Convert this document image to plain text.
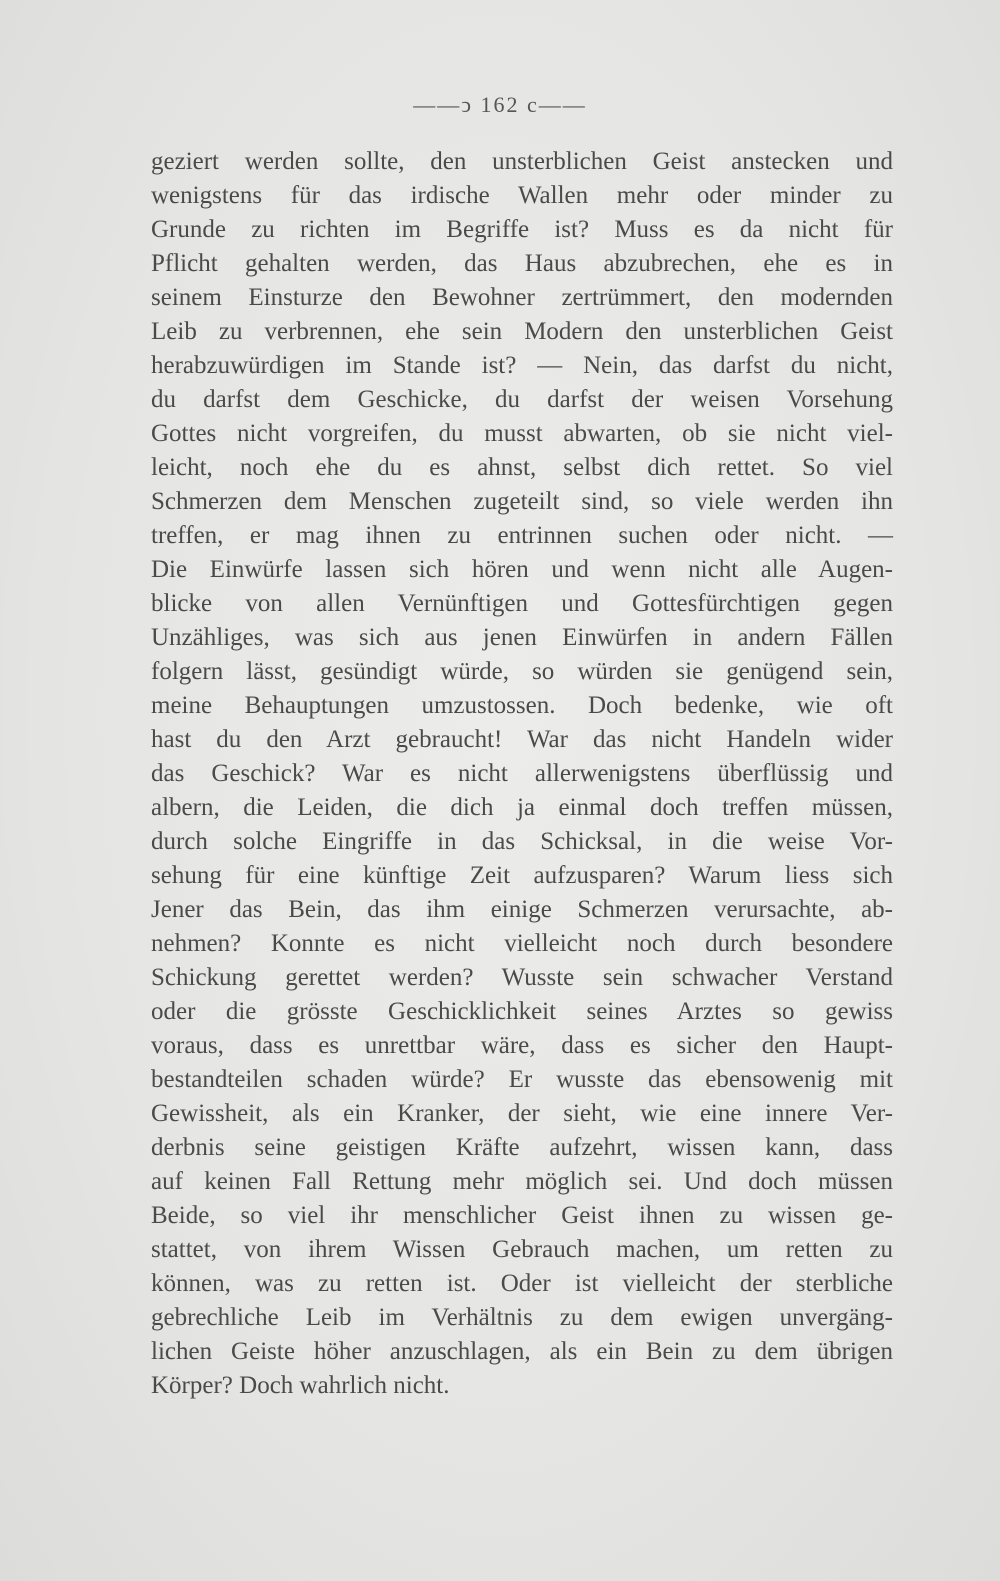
——ↄ 162 c——
geziert werden sollte, den unsterblichen Geist anstecken und
wenigstens für das irdische Wallen mehr oder minder zu
Grunde zu richten im Begriffe ist? Muss es da nicht für
Pflicht gehalten werden, das Haus abzubrechen, ehe es in
seinem Einsturze den Bewohner zertrümmert, den modernden
Leib zu verbrennen, ehe sein Modern den unsterblichen Geist
herabzuwürdigen im Stande ist? — Nein, das darfst du nicht,
du darfst dem Geschicke, du darfst der weisen Vorsehung
Gottes nicht vorgreifen, du musst abwarten, ob sie nicht viel-
leicht, noch ehe du es ahnst, selbst dich rettet. So viel
Schmerzen dem Menschen zugeteilt sind, so viele werden ihn
treffen, er mag ihnen zu entrinnen suchen oder nicht. —
Die Einwürfe lassen sich hören und wenn nicht alle Augen-
blicke von allen Vernünftigen und Gottesfürchtigen gegen
Unzähliges, was sich aus jenen Einwürfen in andern Fällen
folgern lässt, gesündigt würde, so würden sie genügend sein,
meine Behauptungen umzustossen. Doch bedenke, wie oft
hast du den Arzt gebraucht! War das nicht Handeln wider
das Geschick? War es nicht allerwenigstens überflüssig und
albern, die Leiden, die dich ja einmal doch treffen müssen,
durch solche Eingriffe in das Schicksal, in die weise Vor-
sehung für eine künftige Zeit aufzusparen? Warum liess sich
Jener das Bein, das ihm einige Schmerzen verursachte, ab-
nehmen? Konnte es nicht vielleicht noch durch besondere
Schickung gerettet werden? Wusste sein schwacher Verstand
oder die grösste Geschicklichkeit seines Arztes so gewiss
voraus, dass es unrettbar wäre, dass es sicher den Haupt-
bestandteilen schaden würde? Er wusste das ebensowenig mit
Gewissheit, als ein Kranker, der sieht, wie eine innere Ver-
derbnis seine geistigen Kräfte aufzehrt, wissen kann, dass
auf keinen Fall Rettung mehr möglich sei. Und doch müssen
Beide, so viel ihr menschlicher Geist ihnen zu wissen ge-
stattet, von ihrem Wissen Gebrauch machen, um retten zu
können, was zu retten ist. Oder ist vielleicht der sterbliche
gebrechliche Leib im Verhältnis zu dem ewigen unvergäng-
lichen Geiste höher anzuschlagen, als ein Bein zu dem übrigen
Körper? Doch wahrlich nicht.
